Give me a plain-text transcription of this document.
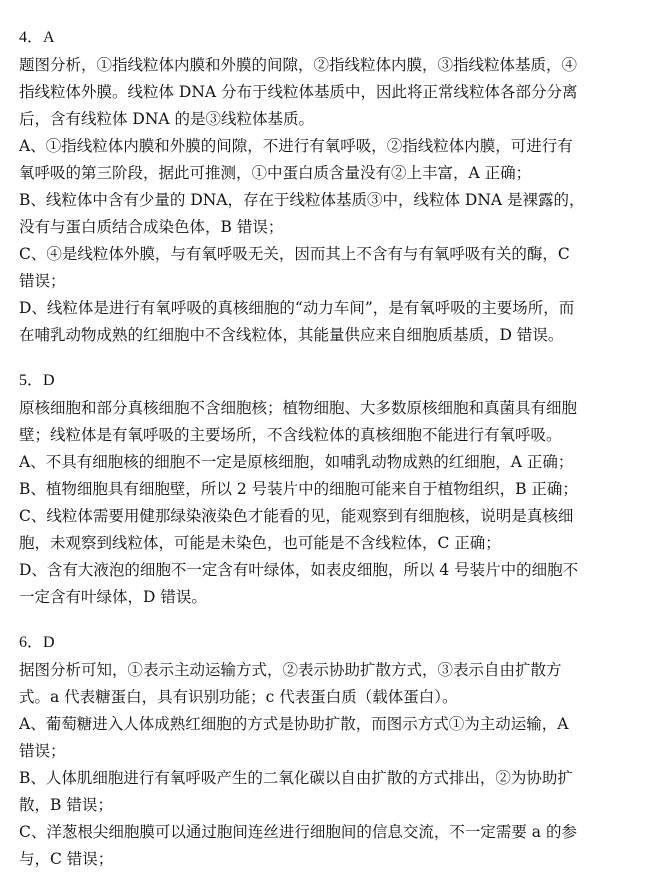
4．A

题图分析，①指线粒体内膜和外膜的间隙，②指线粒体内膜，③指线粒体基质，④
指线粒体外膜。线粒体 DNA 分布于线粒体基质中，因此将正常线粒体各部分分离
后，含有线粒体 DNA 的是③线粒体基质。
A、①指线粒体内膜和外膜的间隙，不进行有氧呼吸，②指线粒体内膜，可进行有
氧呼吸的第三阶段，据此可推测，①中蛋白质含量没有②上丰富，A 正确；
B、线粒体中含有少量的 DNA，存在于线粒体基质③中，线粒体 DNA 是裸露的，
没有与蛋白质结合成染色体，B 错误；
C、④是线粒体外膜，与有氧呼吸无关，因而其上不含有与有氧呼吸有关的酶，C
错误；
D、线粒体是进行有氧呼吸的真核细胞的“动力车间”，是有氧呼吸的主要场所，而
在哺乳动物成熟的红细胞中不含线粒体，其能量供应来自细胞质基质，D 错误。

5．D

原核细胞和部分真核细胞不含细胞核；植物细胞、大多数原核细胞和真菌具有细胞
壁；线粒体是有氧呼吸的主要场所，不含线粒体的真核细胞不能进行有氧呼吸。
A、不具有细胞核的细胞不一定是原核细胞，如哺乳动物成熟的红细胞，A 正确；
B、植物细胞具有细胞壁，所以 2 号装片中的细胞可能来自于植物组织，B 正确；
C、线粒体需要用健那绿染液染色才能看的见，能观察到有细胞核，说明是真核细
胞，未观察到线粒体，可能是未染色，也可能是不含线粒体，C 正确；
D、含有大液泡的细胞不一定含有叶绿体，如表皮细胞，所以 4 号装片中的细胞不
一定含有叶绿体，D 错误。

6．D

据图分析可知，①表示主动运输方式，②表示协助扩散方式，③表示自由扩散方
式。a 代表糖蛋白，具有识别功能；c 代表蛋白质（载体蛋白）。
A、葡萄糖进入人体成熟红细胞的方式是协助扩散，而图示方式①为主动运输，A
错误；
B、人体肌细胞进行有氧呼吸产生的二氧化碳以自由扩散的方式排出，②为协助扩
散，B 错误；
C、洋葱根尖细胞膜可以通过胞间连丝进行细胞间的信息交流，不一定需要 a 的参
与，C 错误；
